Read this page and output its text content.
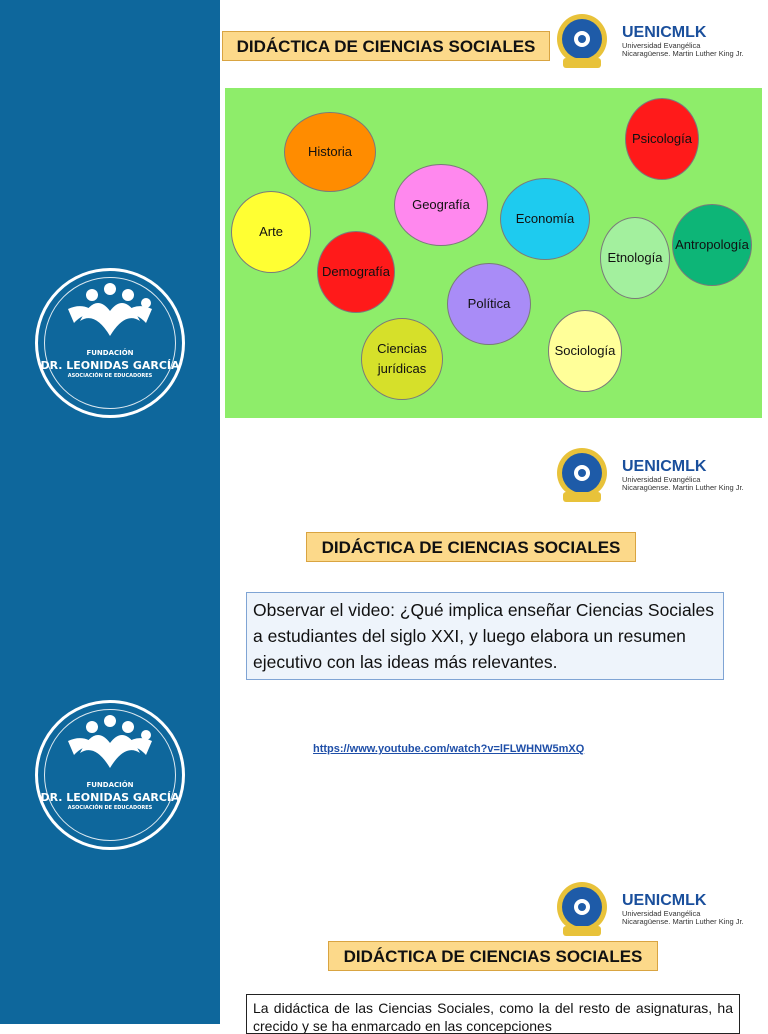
FUNDACIÓN
DR. LEONIDAS GARCÍA
ASOCIACIÓN DE EDUCADORES
FUNDACIÓN
DR. LEONIDAS GARCÍA
ASOCIACIÓN DE EDUCADORES
DIDÁCTICA DE CIENCIAS SOCIALES
UENICMLK
Universidad Evangélica
Nicaragüense. Martin Luther King Jr.
Historia
Arte
Geografía
Demografía
Economía
Psicología
Etnología
Antropología
Política
Ciencias
jurídicas
Sociología
UENICMLK
Universidad Evangélica
Nicaragüense. Martin Luther King Jr.
DIDÁCTICA DE CIENCIAS SOCIALES
Observar el video: ¿Qué implica enseñar Ciencias Sociales a estudiantes del siglo XXI, y luego elabora un resumen ejecutivo con las ideas más relevantes.
https://www.youtube.com/watch?v=lFLWHNW5mXQ
UENICMLK
Universidad Evangélica
Nicaragüense. Martin Luther King Jr.
DIDÁCTICA DE CIENCIAS SOCIALES
La didáctica de las Ciencias Sociales, como la del resto de asignaturas, ha crecido y se ha enmarcado en las concepciones
